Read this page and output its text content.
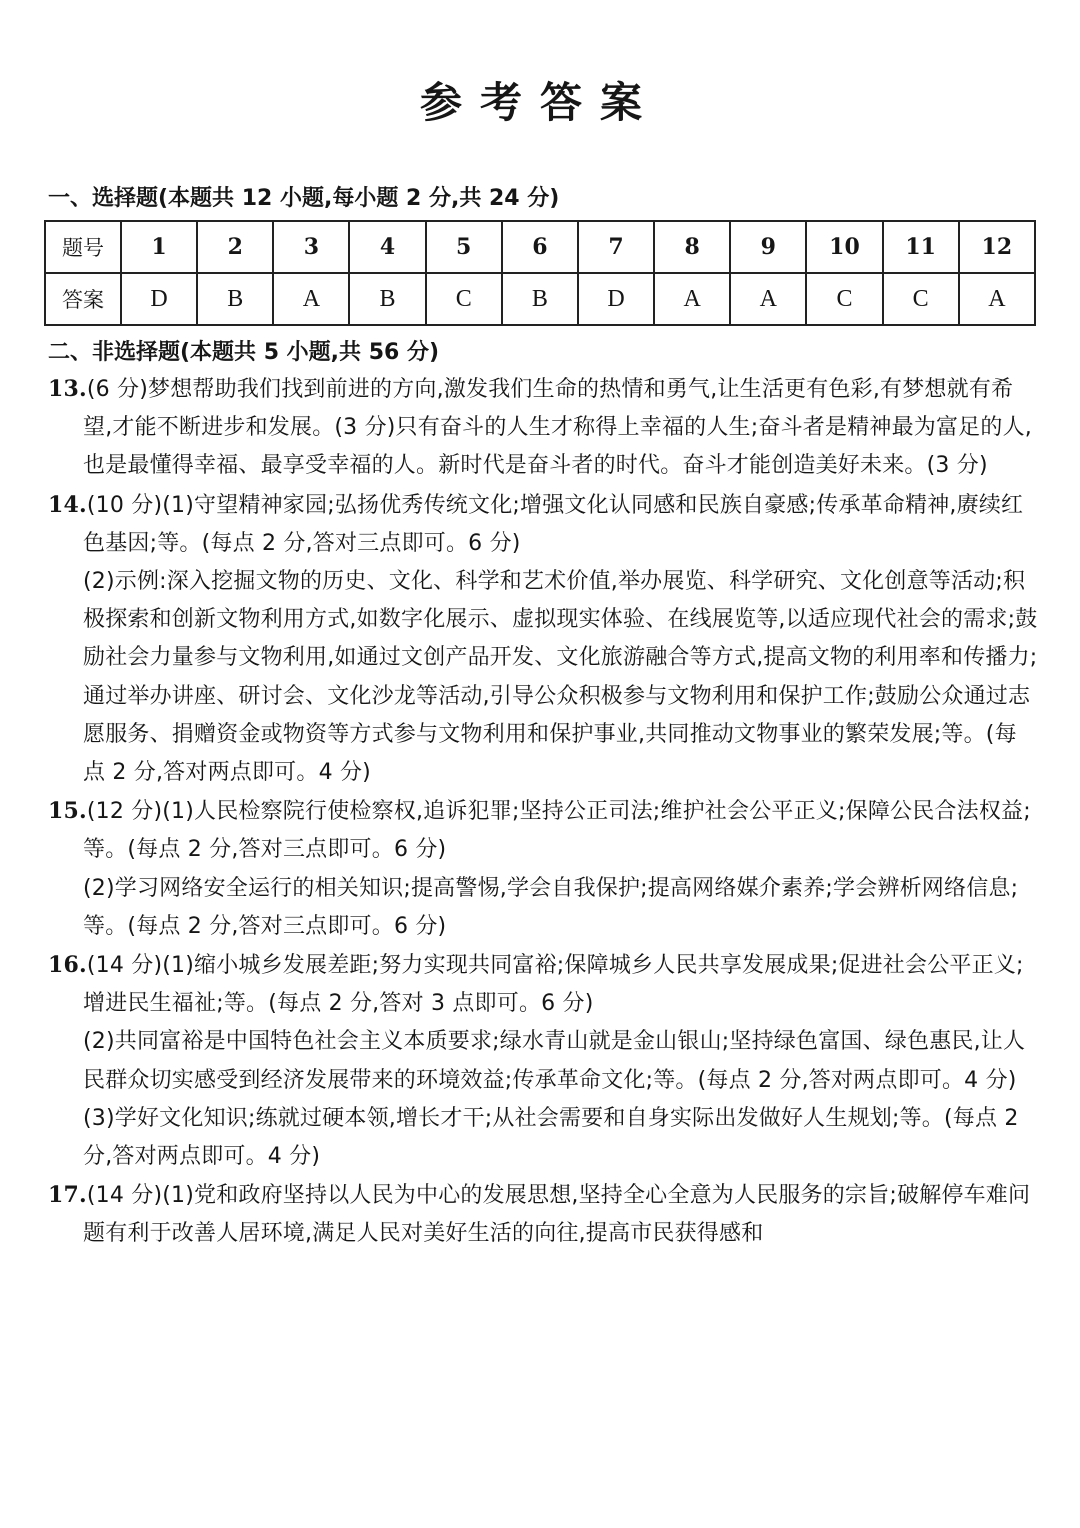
参考答案
一、选择题(本题共 12 小题,每小题 2 分,共 24 分)
题号	1	2	3	4	5	6	7	8	9	10	11	12
答案	D	B	A	B	C	B	D	A	A	C	C	A
二、非选择题(本题共 5 小题,共 56 分)
13.(6 分)梦想帮助我们找到前进的方向,激发我们生命的热情和勇气,让生活更有色彩,有梦想就有希望,才能不断进步和发展。(3 分)只有奋斗的人生才称得上幸福的人生;奋斗者是精神最为富足的人,也是最懂得幸福、最享受幸福的人。新时代是奋斗者的时代。奋斗才能创造美好未来。(3 分)
14.(10 分)(1)守望精神家园;弘扬优秀传统文化;增强文化认同感和民族自豪感;传承革命精神,赓续红色基因;等。(每点 2 分,答对三点即可。6 分)
(2)示例:深入挖掘文物的历史、文化、科学和艺术价值,举办展览、科学研究、文化创意等活动;积极探索和创新文物利用方式,如数字化展示、虚拟现实体验、在线展览等,以适应现代社会的需求;鼓励社会力量参与文物利用,如通过文创产品开发、文化旅游融合等方式,提高文物的利用率和传播力;通过举办讲座、研讨会、文化沙龙等活动,引导公众积极参与文物利用和保护工作;鼓励公众通过志愿服务、捐赠资金或物资等方式参与文物利用和保护事业,共同推动文物事业的繁荣发展;等。(每点 2 分,答对两点即可。4 分)
15.(12 分)(1)人民检察院行使检察权,追诉犯罪;坚持公正司法;维护社会公平正义;保障公民合法权益;等。(每点 2 分,答对三点即可。6 分)
(2)学习网络安全运行的相关知识;提高警惕,学会自我保护;提高网络媒介素养;学会辨析网络信息;等。(每点 2 分,答对三点即可。6 分)
16.(14 分)(1)缩小城乡发展差距;努力实现共同富裕;保障城乡人民共享发展成果;促进社会公平正义;增进民生福祉;等。(每点 2 分,答对 3 点即可。6 分)
(2)共同富裕是中国特色社会主义本质要求;绿水青山就是金山银山;坚持绿色富国、绿色惠民,让人民群众切实感受到经济发展带来的环境效益;传承革命文化;等。(每点 2 分,答对两点即可。4 分)
(3)学好文化知识;练就过硬本领,增长才干;从社会需要和自身实际出发做好人生规划;等。(每点 2 分,答对两点即可。4 分)
17.(14 分)(1)党和政府坚持以人民为中心的发展思想,坚持全心全意为人民服务的宗旨;破解停车难问题有利于改善人居环境,满足人民对美好生活的向往,提高市民获得感和
